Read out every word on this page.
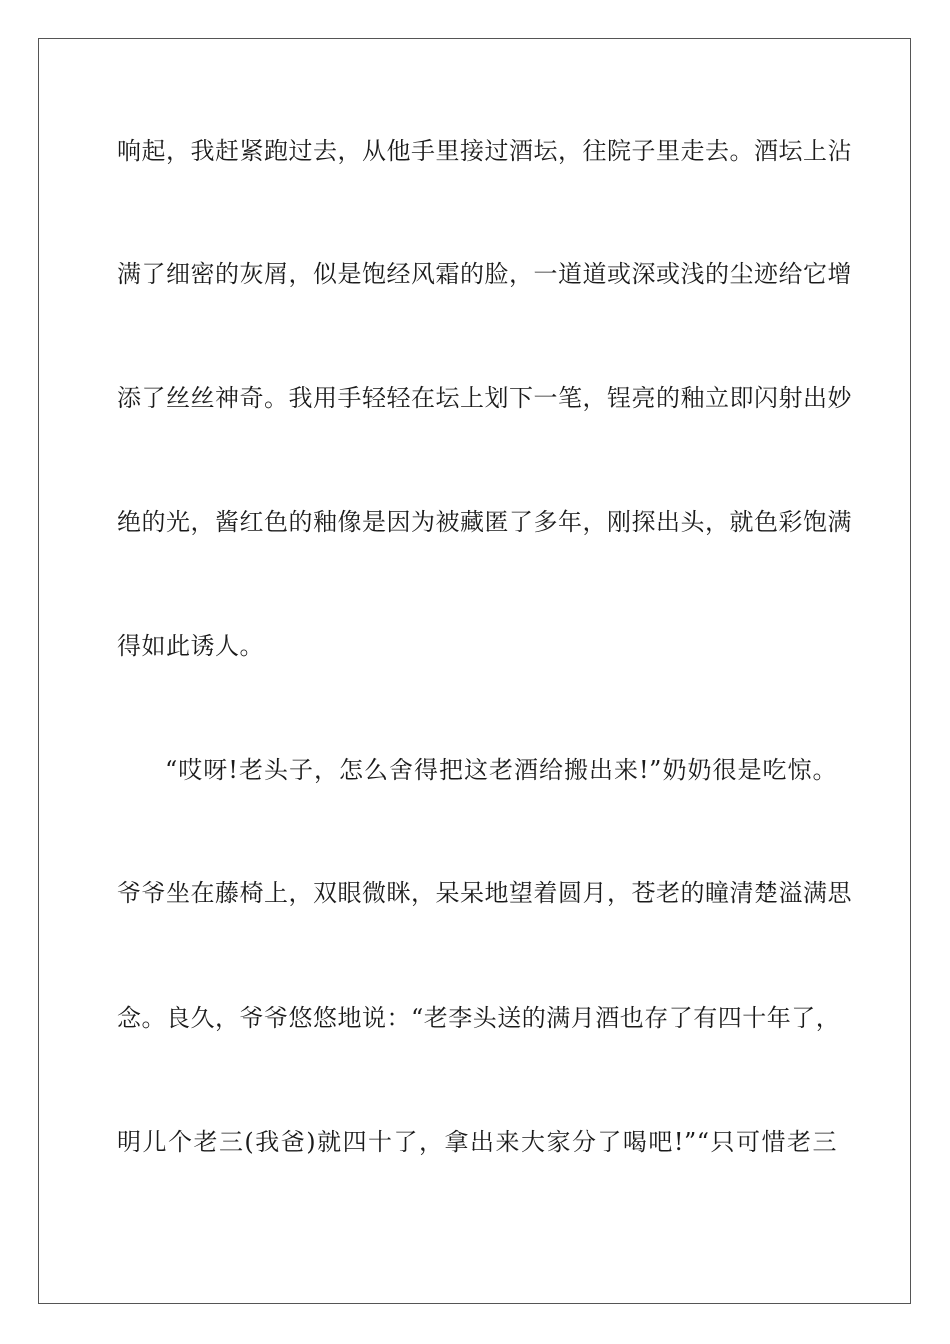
响起，我赶紧跑过去，从他手里接过酒坛，往院子里走去。酒坛上沾
满了细密的灰屑，似是饱经风霜的脸，一道道或深或浅的尘迹给它增
添了丝丝神奇。我用手轻轻在坛上划下一笔，锃亮的釉立即闪射出妙
绝的光，酱红色的釉像是因为被藏匿了多年，刚探出头，就色彩饱满
得如此诱人。
“哎呀!老头子，怎么舍得把这老酒给搬出来!”奶奶很是吃惊。
爷爷坐在藤椅上，双眼微眯，呆呆地望着圆月，苍老的瞳清楚溢满思
念。良久，爷爷悠悠地说：“老李头送的满月酒也存了有四十年了，
明儿个老三(我爸)就四十了，拿出来大家分了喝吧!”“只可惜老三
